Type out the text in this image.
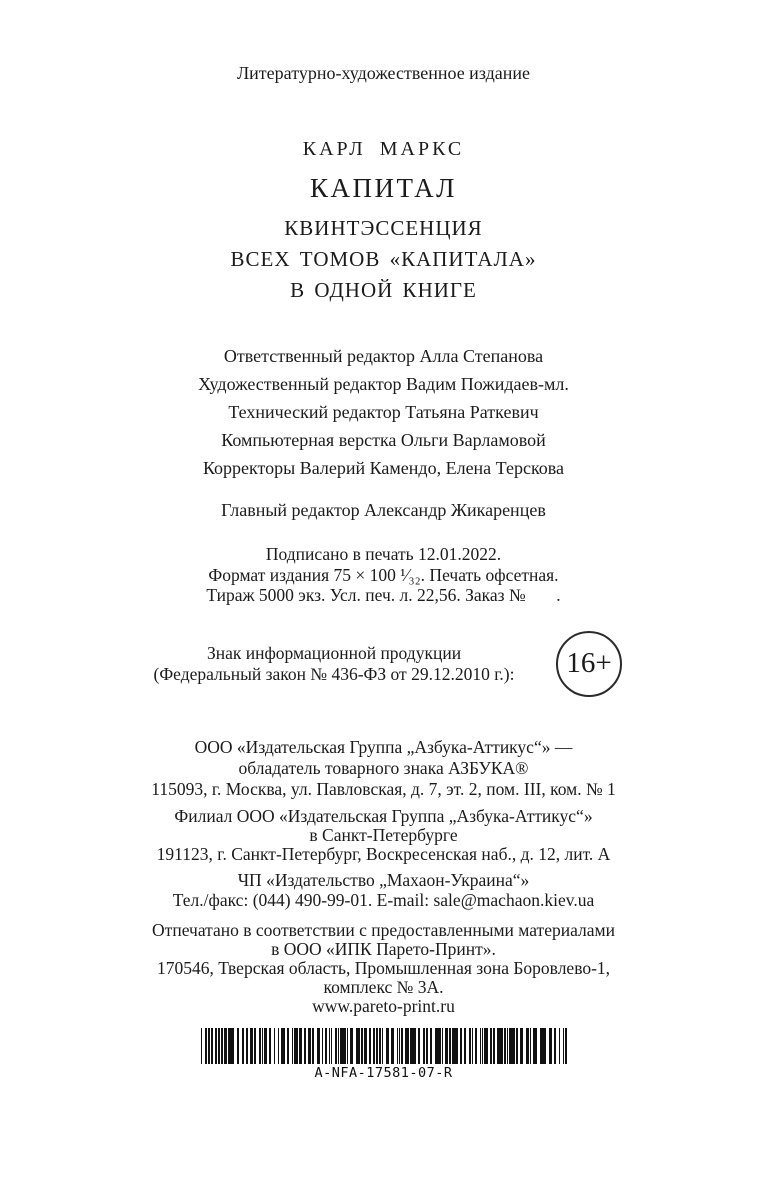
Литературно-художественное издание
КАРЛ МАРКС
КАПИТАЛ
КВИНТЭССЕНЦИЯ
ВСЕХ ТОМОВ «КАПИТАЛА»
В ОДНОЙ КНИГЕ
Ответственный редактор Алла Степанова
Художественный редактор Вадим Пожидаев-мл.
Технический редактор Татьяна Раткевич
Компьютерная верстка Ольги Варламовой
Корректоры Валерий Камендо, Елена Терскова
Главный редактор Александр Жикаренцев
Подписано в печать 12.01.2022.
Формат издания 75 × 100 ¹⁄₃₂. Печать офсетная.
Тираж 5000 экз. Усл. печ. л. 22,56. Заказ №       .
Знак информационной продукции
(Федеральный закон № 436-ФЗ от 29.12.2010 г.):	16+
ООО «Издательская Группа „Азбука-Аттикус“» —
обладатель товарного знака АЗБУКА®
115093, г. Москва, ул. Павловская, д. 7, эт. 2, пом. III, ком. № 1
Филиал ООО «Издательская Группа „Азбука-Аттикус“»
в Санкт-Петербурге
191123, г. Санкт-Петербург, Воскресенская наб., д. 12, лит. А
ЧП «Издательство „Махаон-Украина“»
Тел./факс: (044) 490-99-01. E-mail: sale@machaon.kiev.ua
Отпечатано в соответствии с предоставленными материалами
в ООО «ИПК Парето-Принт».
170546, Тверская область, Промышленная зона Боровлево-1,
комплекс № 3А.
www.pareto-print.ru
A-NFA-17581-07-R
